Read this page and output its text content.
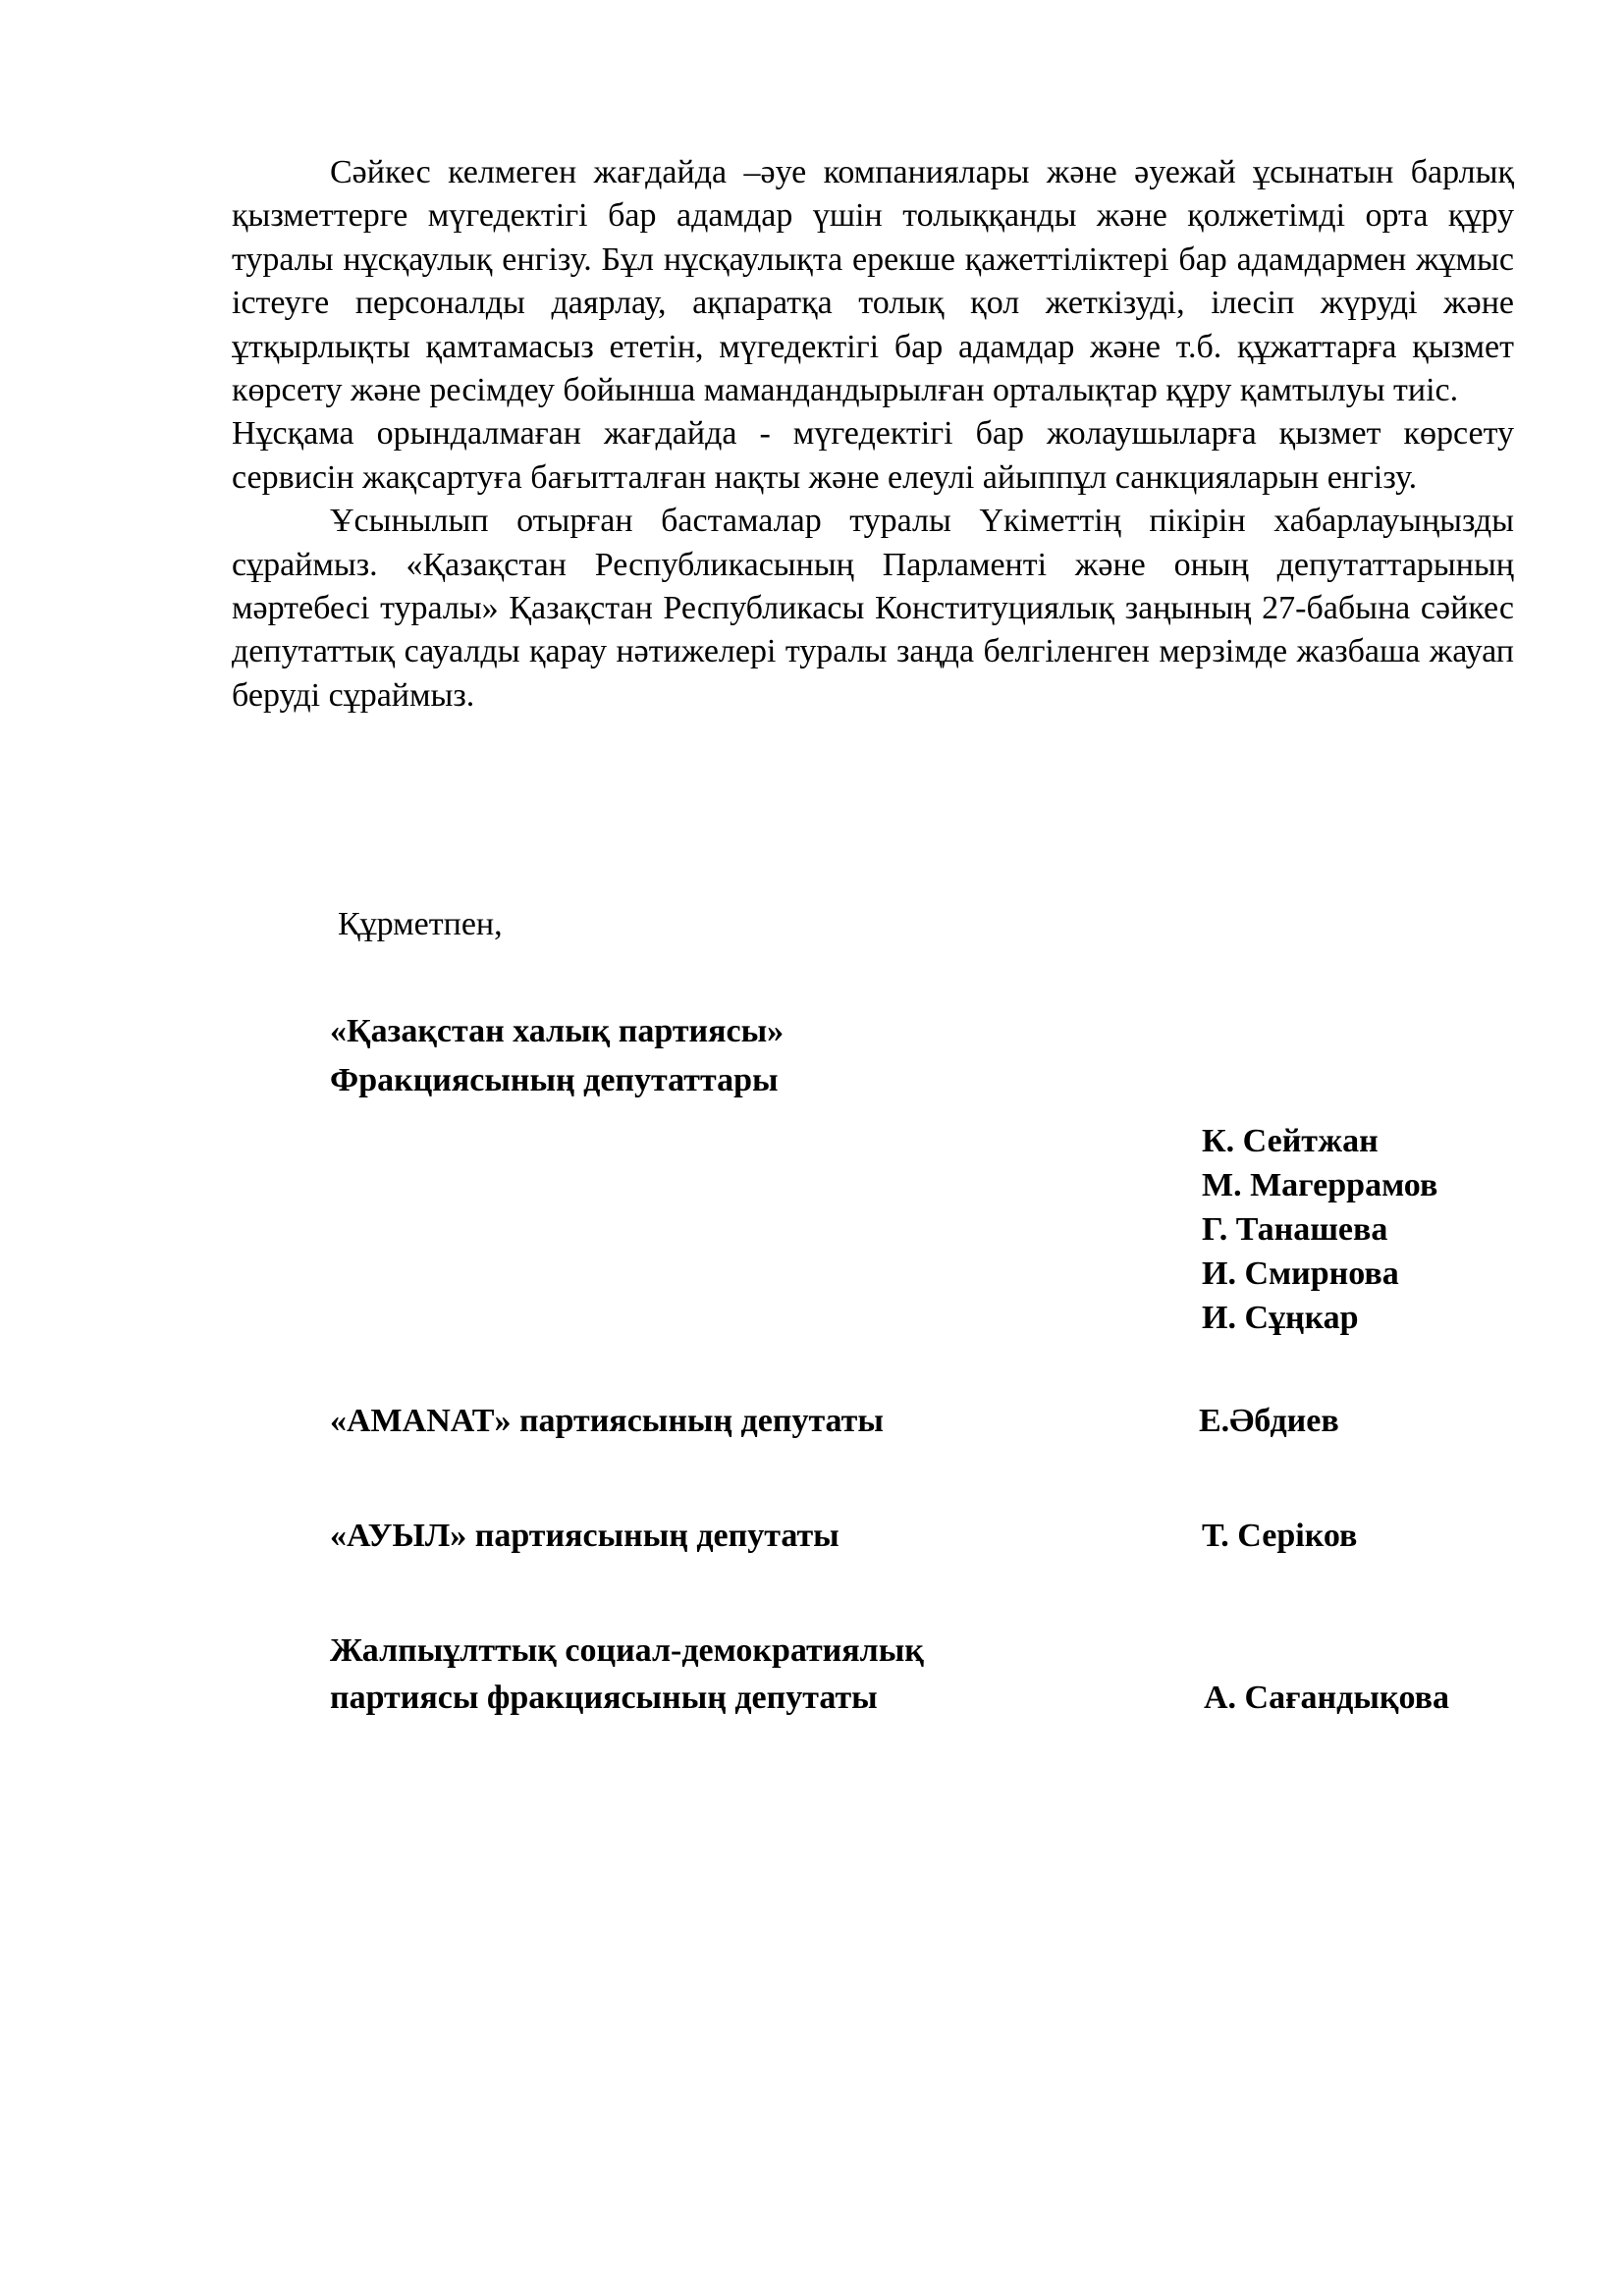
Сәйкес келмеген жағдайда –әуе компаниялары және әуежай ұсынатын барлық қызметтерге мүгедектігі бар адамдар үшін толыққанды және қолжетімді орта құру туралы нұсқаулық енгізу. Бұл нұсқаулықта ерекше қажеттіліктері бар адамдармен жұмыс істеуге персоналды даярлау, ақпаратқа толық қол жеткізуді, ілесіп жүруді және ұтқырлықты қамтамасыз ететін, мүгедектігі бар адамдар және т.б. құжаттарға қызмет көрсету және ресімдеу бойынша мамандандырылған орталықтар құру қамтылуы тиіс.

Нұсқама орындалмаған жағдайда - мүгедектігі бар жолаушыларға қызмет көрсету сервисін жақсартуға бағытталған нақты және елеулі айыппұл санкцияларын енгізу.

Ұсынылып отырған бастамалар туралы Үкіметтің пікірін хабарлауыңызды сұраймыз. «Қазақстан Республикасының Парламенті және оның депутаттарының мәртебесі туралы» Қазақстан Республикасы Конституциялық заңының 27-бабына сәйкес депутаттық сауалды қарау нәтижелері туралы заңда белгіленген мерзімде жазбаша жауап беруді сұраймыз.

Құрметпен,

«Қазақстан халық партиясы»
Фракциясының депутаттары
К. Сейтжан
М. Магеррамов
Г. Танашева
И. Смирнова
И. Сұңкар
«AMANAT» партиясының депутаты	Е.Әбдиев
«АУЫЛ» партиясының депутаты	Т. Серіков
Жалпыұлттық социал-демократиялық
партиясы фракциясының депутаты	А. Сағандықова
